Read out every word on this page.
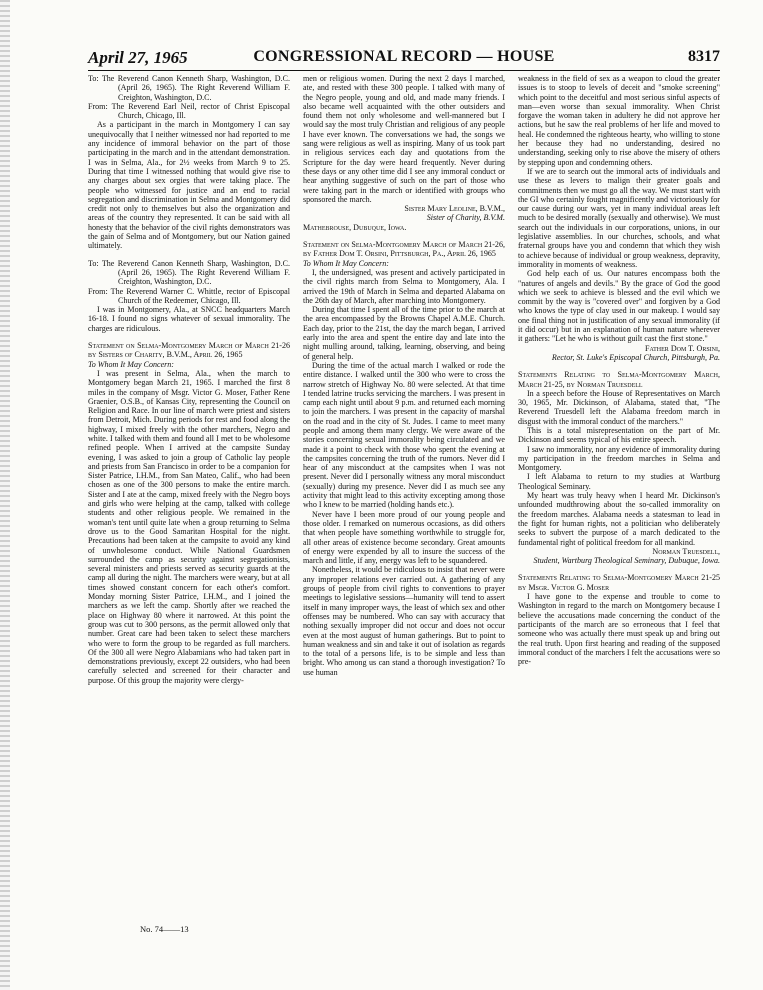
April 27, 1965	CONGRESSIONAL RECORD — HOUSE	8317

To: The Reverend Canon Kenneth Sharp, Washington, D.C. (April 26, 1965). The Right Reverend William F. Creighton, Washington, D.C.

From: The Reverend Earl Neil, rector of Christ Episcopal Church, Chicago, Ill.

As a participant in the march in Montgomery I can say unequivocally that I neither witnessed nor had reported to me any incidence of immoral behavior on the part of those participating in the march and in the attendant demonstration. I was in Selma, Ala., for 2½ weeks from March 9 to 25. During that time I witnessed nothing that would give rise to any charges about sex orgies that were taking place. The people who witnessed for justice and an end to racial segregation and discrimination in Selma and Montgomery did credit not only to themselves but also the organization and areas of the country they represented. It can be said with all honesty that the behavior of the civil rights demonstrators was the gain of Selma and of Montgomery, but our Nation gained ultimately.

To: The Reverend Canon Kenneth Sharp, Washington, D.C. (April 26, 1965). The Right Reverend William F. Creighton, Washington, D.C.

From: The Reverend Warner C. Whittle, rector of Episcopal Church of the Redeemer, Chicago, Ill.

I was in Montgomery, Ala., at SNCC headquarters March 16-18. I found no signs whatever of sexual immorality. The charges are ridiculous.

Statement on Selma-Montgomery March of March 21-26 by Sisters of Charity, B.V.M., April 26, 1965

To Whom It May Concern:

I was present in Selma, Ala., when the march to Montgomery began March 21, 1965. I marched the first 8 miles in the company of Msgr. Victor G. Moser, Father Rene Graenier, O.S.B., of Kansas City, representing the Council on Religion and Race. In our line of march were priest and sisters from Detroit, Mich. During periods for rest and food along the highway, I mixed freely with the other marchers, Negro and white. I talked with them and found all I met to be wholesome refined people. When I arrived at the campsite Sunday evening, I was asked to join a group of Catholic lay people and priests from San Francisco in order to be a companion for Sister Patrice, I.H.M., from San Mateo, Calif., who had been chosen as one of the 300 persons to make the entire march. Sister and I ate at the camp, mixed freely with the Negro boys and girls who were helping at the camp, talked with college students and other religious people. We remained in the woman's tent until quite late when a group returning to Selma drove us to the Good Samaritan Hospital for the night. Precautions had been taken at the campsite to avoid any kind of unwholesome conduct. While National Guardsmen surrounded the camp as security against segregationists, several ministers and priests served as security guards at the camp all during the night. The marchers were weary, but at all times showed constant concern for each other's comfort. Monday morning Sister Patrice, I.H.M., and I joined the marchers as we left the camp. Shortly after we reached the place on Highway 80 where it narrowed. At this point the group was cut to 300 persons, as the permit allowed only that number. Great care had been taken to select these marchers who were to form the group to be regarded as full marchers. Of the 300 all were Negro Alabamians who had taken part in demonstrations previously, except 22 outsiders, who had been carefully selected and screened for their character and purpose. Of this group the majority were clergy-

men or religious women. During the next 2 days I marched, ate, and rested with these 300 people. I talked with many of the Negro people, young and old, and made many friends. I also became well acquainted with the other outsiders and found them not only wholesome and well-mannered but I would say the most truly Christian and religious of any people I have ever known. The conversations we had, the songs we sang were religious as well as inspiring. Many of us took part in religious services each day and quotations from the Scripture for the day were heard frequently. Never during these days or any other time did I see any immoral conduct or hear anything suggestive of such on the part of those who were taking part in the march or identified with groups who sponsored the march.

Sister Mary Leoline, B.V.M.,

Sister of Charity, B.V.M.

Mathebrouse, Dubuque, Iowa.

Statement on Selma-Montgomery March of March 21-26, by Father Dom T. Orsini, Pittsburgh, Pa., April 26, 1965

To Whom It May Concern:

I, the undersigned, was present and actively participated in the civil rights march from Selma to Montgomery, Ala. I arrived the 19th of March in Selma and departed Alabama on the 26th day of March, after marching into Montgomery.

During that time I spent all of the time prior to the march at the area encompassed by the Browns Chapel A.M.E. Church. Each day, prior to the 21st, the day the march began, I arrived early into the area and spent the entire day and late into the night mulling around, talking, learning, observing, and being of general help.

During the time of the actual march I walked or rode the entire distance. I walked until the 300 who were to cross the narrow stretch of Highway No. 80 were selected. At that time I tended latrine trucks servicing the marchers. I was present in camp each night until about 9 p.m. and returned each morning to join the marchers. I was present in the capacity of marshal on the road and in the city of St. Judes. I came to meet many people and among them many clergy. We were aware of the stories concerning sexual immorality being circulated and we made it a point to check with those who spent the evening at the campsites concerning the truth of the rumors. Never did I hear of any misconduct at the campsites when I was not present. Never did I personally witness any moral misconduct (sexually) during my presence. Never did I as much see any activity that might lead to this activity excepting among those who I knew to be married (holding hands etc.).

Never have I been more proud of our young people and those older. I remarked on numerous occasions, as did others that when people have something worthwhile to struggle for, all other areas of existence become secondary. Great amounts of energy were expended by all to insure the success of the march and little, if any, energy was left to be squandered.

Nonetheless, it would be ridiculous to insist that never were any improper relations ever carried out. A gathering of any groups of people from civil rights to conventions to prayer meetings to legislative sessions—humanity will tend to assert itself in many improper ways, the least of which sex and other offenses may be numbered. Who can say with accuracy that nothing sexually improper did not occur and does not occur even at the most august of human gatherings. But to point to human weakness and sin and take it out of isolation as regards to the total of a persons life, is to be simple and less than bright. Who among us can stand a thorough investigation? To use human

weakness in the field of sex as a weapon to cloud the greater issues is to stoop to levels of deceit and "smoke screening" which point to the deceitful and most serious sinful aspects of man—even worse than sexual immorality. When Christ forgave the woman taken in adultery he did not approve her actions, but he saw the real problems of her life and moved to heal. He condemned the righteous hearty, who willing to stone her because they had no understanding, desired no understanding, seeking only to rise above the misery of others by stepping upon and condemning others.

If we are to search out the immoral acts of individuals and use these as levers to malign their greater goals and commitments then we must go all the way. We must start with the GI who certainly fought magnificently and victoriously for our cause during our wars, yet in many individual areas left much to be desired morally (sexually and otherwise). We must search out the individuals in our corporations, unions, in our legislative assemblies. In our churches, schools, and what fraternal groups have you and condemn that which they wish to achieve because of individual or group weakness, depravity, immorality in moments of weakness.

God help each of us. Our natures encompass both the "natures of angels and devils." By the grace of God the good which we seek to achieve is blessed and the evil which we commit by the way is "covered over" and forgiven by a God who knows the type of clay used in our makeup. I would say one final thing not in justification of any sexual immorality (if it did occur) but in an explanation of human nature wherever it gathers: "Let he who is without guilt cast the first stone."

Father Dom T. Orsini,

Rector, St. Luke's Episcopal Church, Pittsburgh, Pa.

Statements Relating to Selma-Montgomery March, March 21-25, by Norman Truesdell

In a speech before the House of Representatives on March 30, 1965, Mr. Dickinson, of Alabama, stated that, "The Reverend Truesdell left the Alabama freedom march in disgust with the immoral conduct of the marchers."

This is a total misrepresentation on the part of Mr. Dickinson and seems typical of his entire speech.

I saw no immorality, nor any evidence of immorality during my participation in the freedom marches in Selma and Montgomery.

I left Alabama to return to my studies at Wartburg Theological Seminary.

My heart was truly heavy when I heard Mr. Dickinson's unfounded mudthrowing about the so-called immorality on the freedom marches. Alabama needs a statesman to lead in the fight for human rights, not a politician who deliberately seeks to subvert the purpose of a march dedicated to the fundamental right of political freedom for all mankind.

Norman Truesdell,

Student, Wartburg Theological Seminary, Dubuque, Iowa.

Statements Relating to Selma-Montgomery March 21-25 by Msgr. Victor G. Moser

I have gone to the expense and trouble to come to Washington in regard to the march on Montgomery because I believe the accusations made concerning the conduct of the participants of the march are so erroneous that I feel that someone who was actually there must speak up and bring out the real truth. Upon first hearing and reading of the supposed immoral conduct of the marchers I felt the accusations were so pre-

No. 74——13
